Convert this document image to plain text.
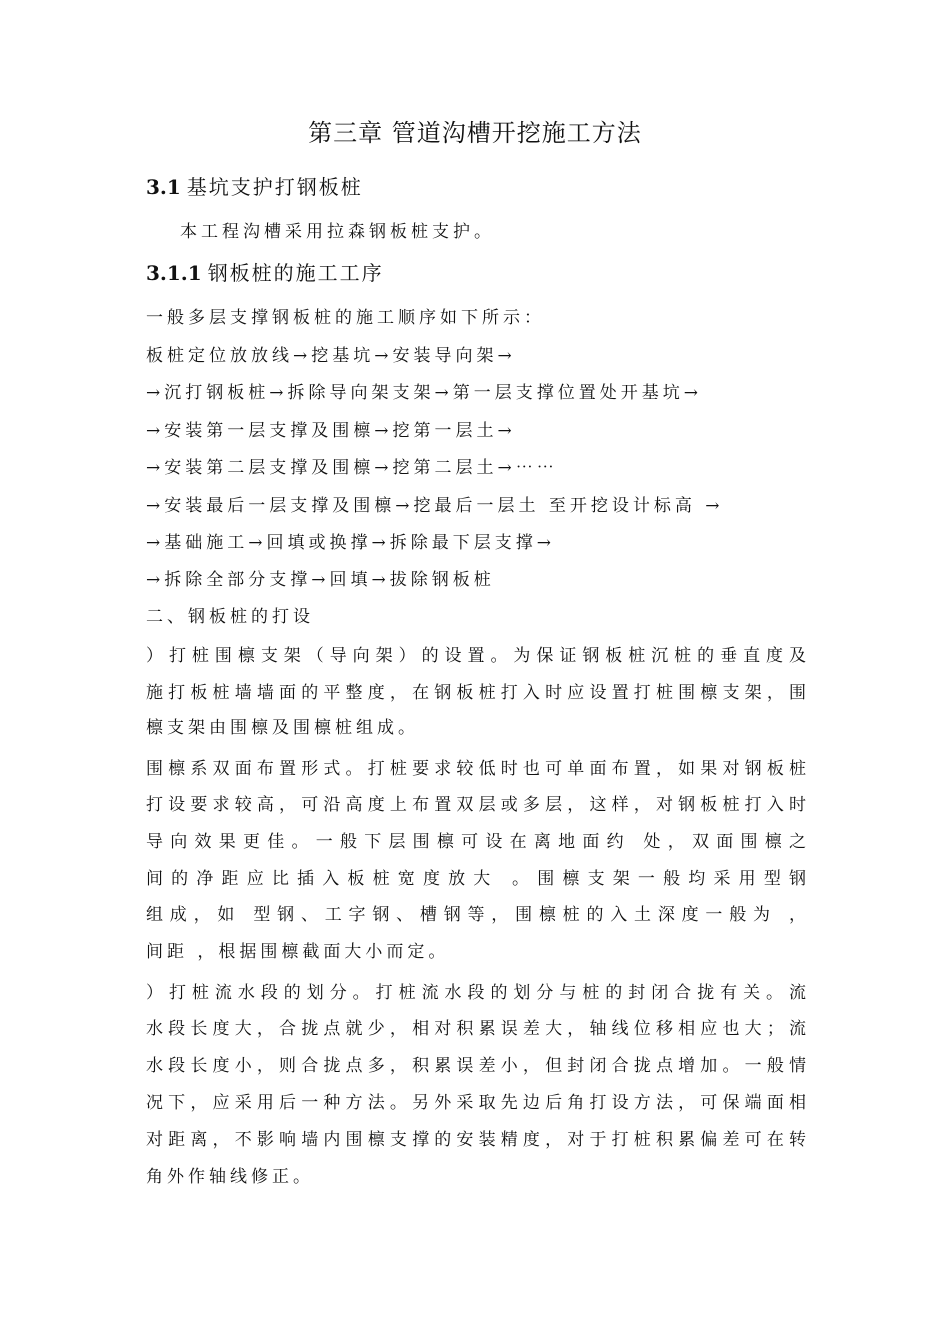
第三章 管道沟槽开挖施工方法
3.1 基坑支护打钢板桩
本工程沟槽采用拉森钢板桩支护。
3.1.1 钢板桩的施工工序
一般多层支撑钢板桩的施工顺序如下所示：
板桩定位放放线→挖基坑→安装导向架→
→沉打钢板桩→拆除导向架支架→第一层支撑位置处开基坑→
→安装第一层支撑及围檩→挖第一层土→
→安装第二层支撑及围檩→挖第二层土→⋯⋯
→安装最后一层支撑及围檩→挖最后一层土 至开挖设计标高 →
→基础施工→回填或换撑→拆除最下层支撑→
→拆除全部分支撑→回填→拔除钢板桩
二、钢板桩的打设
）打桩围檩支架（导向架）的设置。为保证钢板桩沉桩的垂直度及
施打板桩墙墙面的平整度，在钢板桩打入时应设置打桩围檩支架，围
檩支架由围檩及围檩桩组成。
围檩系双面布置形式。打桩要求较低时也可单面布置，如果对钢板桩
打设要求较高，可沿高度上布置双层或多层，这样，对钢板桩打入时
导向效果更佳。一般下层围檩可设在离地面约 处，双面围檩之
间的净距应比插入板桩宽度放大 。围檩支架一般均采用型钢
组成，如 型钢、工字钢、槽钢等，围檩桩的入土深度一般为 ，
间距 ，根据围檩截面大小而定。
）打桩流水段的划分。打桩流水段的划分与桩的封闭合拢有关。流
水段长度大，合拢点就少，相对积累误差大，轴线位移相应也大；流
水段长度小，则合拢点多，积累误差小，但封闭合拢点增加。一般情
况下，应采用后一种方法。另外采取先边后角打设方法，可保端面相
对距离，不影响墙内围檩支撑的安装精度，对于打桩积累偏差可在转
角外作轴线修正。
